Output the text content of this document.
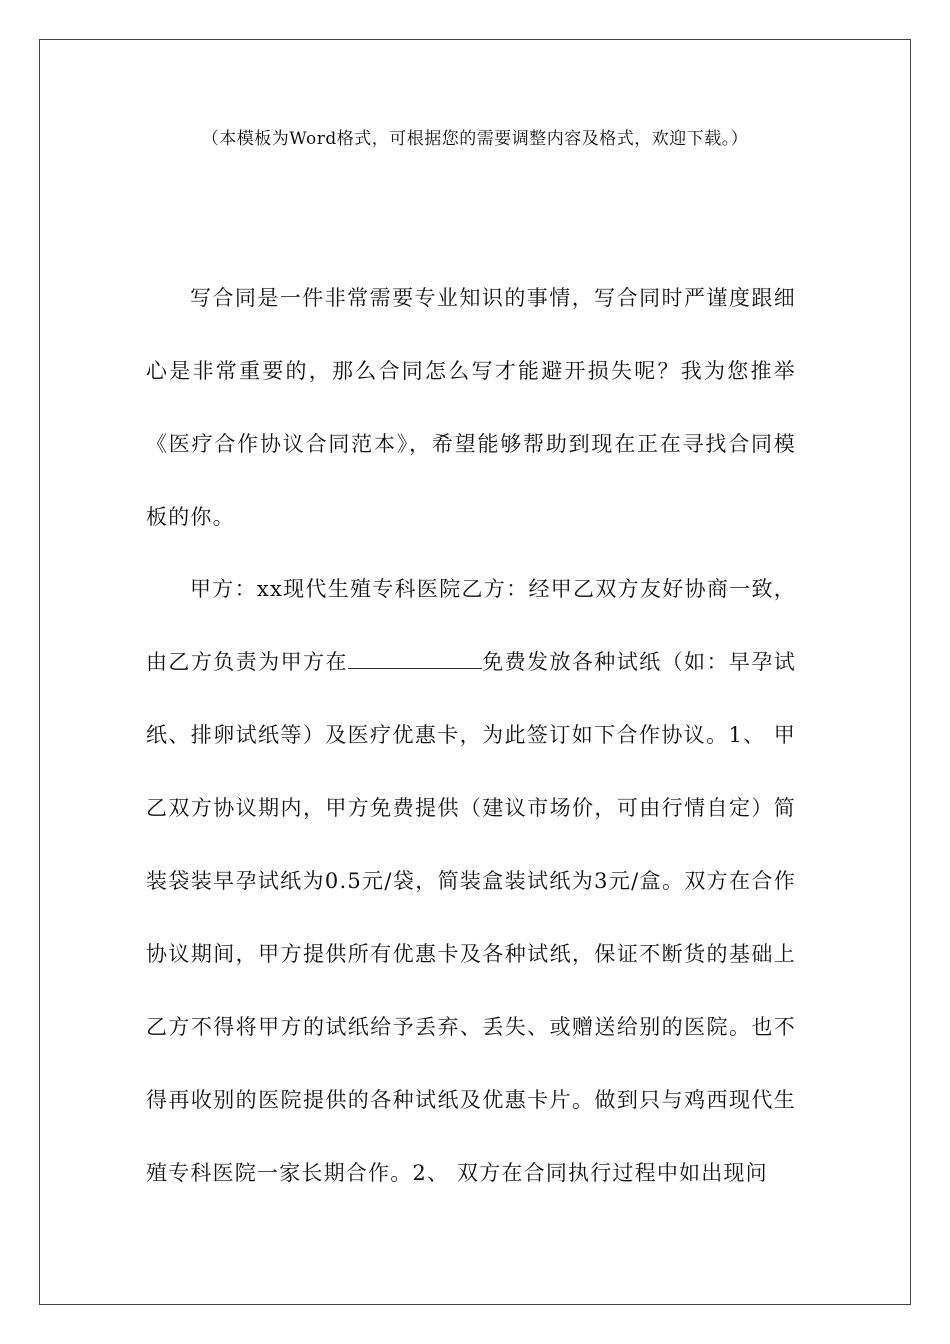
（本模板为Word格式，可根据您的需要调整内容及格式，欢迎下载。）

写合同是一件非常需要专业知识的事情，写合同时严谨度跟细心是非常重要的，那么合同怎么写才能避开损失呢？我为您推举《医疗合作协议合同范本》，希望能够帮助到现在正在寻找合同模板的你。

甲方：xx现代生殖专科医院乙方：经甲乙双方友好协商一致，由乙方负责为甲方在	免费发放各种试纸（如：早孕试纸、排卵试纸等）及医疗优惠卡，为此签订如下合作协议。1、 甲乙双方协议期内，甲方免费提供（建议市场价，可由行情自定）简装袋装早孕试纸为0.5元/袋，简装盒装试纸为3元/盒。双方在合作协议期间，甲方提供所有优惠卡及各种试纸，保证不断货的基础上乙方不得将甲方的试纸给予丢弃、丢失、或赠送给别的医院。也不得再收别的医院提供的各种试纸及优惠卡片。做到只与鸡西现代生殖专科医院一家长期合作。2、 双方在合同执行过程中如出现问
